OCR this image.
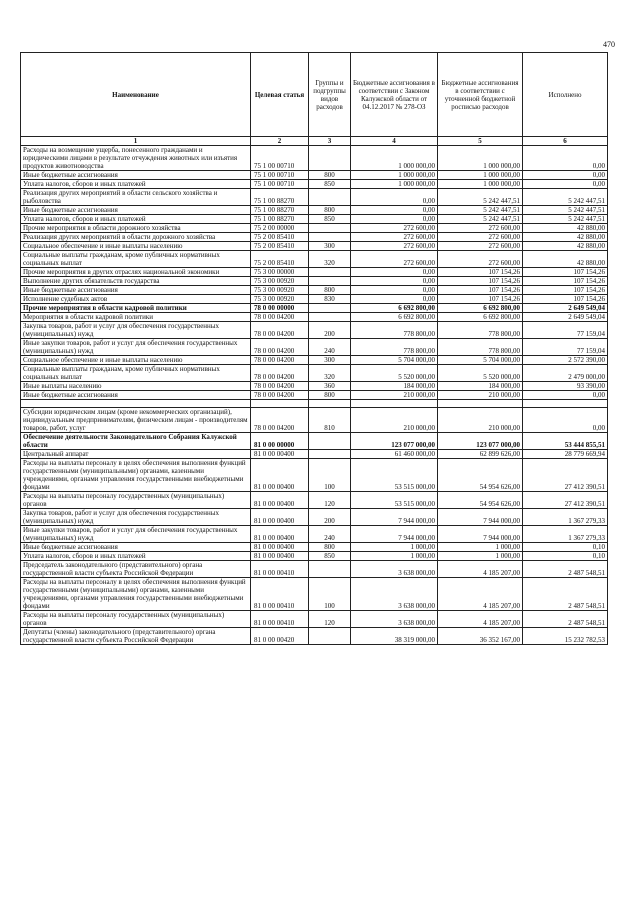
470
Наименование	Целевая статья	Группы и подгруппы видов расходов	Бюджетные ассигнования в соответствии с Законом Калужской области от 04.12.2017 № 278-ОЗ	Бюджетные ассигнования в соответствии с уточненной бюджетной росписью расходов	Исполнено
1	2	3	4	5	6
Расходы на возмещение ущерба, понесенного гражданами и юридическими лицами в результате отчуждения животных или изъятия продуктов животноводства	75 1 00 00710		1 000 000,00	1 000 000,00	0,00
Иные бюджетные ассигнования	75 1 00 00710	800	1 000 000,00	1 000 000,00	0,00
Уплата налогов, сборов и иных платежей	75 1 00 00710	850	1 000 000,00	1 000 000,00	0,00
Реализация других мероприятий в области сельского хозяйства и рыболовства	75 1 00 88270		0,00	5 242 447,51	5 242 447,51
Иные бюджетные ассигнования	75 1 00 88270	800	0,00	5 242 447,51	5 242 447,51
Уплата налогов, сборов и иных платежей	75 1 00 88270	850	0,00	5 242 447,51	5 242 447,51
Прочие мероприятия в области дорожного хозяйства	75 2 00 00000		272 600,00	272 600,00	42 880,00
Реализация других мероприятий в области дорожного хозяйства	75 2 00 85410		272 600,00	272 600,00	42 880,00
Социальное обеспечение и иные выплаты населению	75 2 00 85410	300	272 600,00	272 600,00	42 880,00
Социальные выплаты гражданам, кроме публичных нормативных социальных выплат	75 2 00 85410	320	272 600,00	272 600,00	42 880,00
Прочие мероприятия в других отраслях национальной экономики	75 3 00 00000		0,00	107 154,26	107 154,26
Выполнение других обязательств государства	75 3 00 00920		0,00	107 154,26	107 154,26
Иные бюджетные ассигнования	75 3 00 00920	800	0,00	107 154,26	107 154,26
Исполнение судебных актов	75 3 00 00920	830	0,00	107 154,26	107 154,26
Прочие мероприятия в области кадровой политики	78 0 00 00000		6 692 800,00	6 692 800,00	2 649 549,04
Мероприятия в области кадровой политики	78 0 00 04200		6 692 800,00	6 692 800,00	2 649 549,04
Закупка товаров, работ и услуг для обеспечения государственных (муниципальных) нужд	78 0 00 04200	200	778 800,00	778 800,00	77 159,04
Иные закупки товаров, работ и услуг для обеспечения государственных (муниципальных) нужд	78 0 00 04200	240	778 800,00	778 800,00	77 159,04
Социальное обеспечение и иные выплаты населению	78 0 00 04200	300	5 704 000,00	5 704 000,00	2 572 390,00
Социальные выплаты гражданам, кроме публичных нормативных социальных выплат	78 0 00 04200	320	5 520 000,00	5 520 000,00	2 479 000,00
Иные выплаты населению	78 0 00 04200	360	184 000,00	184 000,00	93 390,00
Иные бюджетные ассигнования	78 0 00 04200	800	210 000,00	210 000,00	0,00

Субсидии юридическим лицам (кроме некоммерческих организаций), индивидуальным предпринимателям, физическим лицам - производителям товаров, работ, услуг	78 0 00 04200	810	210 000,00	210 000,00	0,00
Обеспечение деятельности Законодательного Собрания Калужской области	81 0 00 00000		123 077 000,00	123 077 000,00	53 444 855,51
Центральный аппарат	81 0 00 00400		61 460 000,00	62 899 626,00	28 779 669,94
Расходы на выплаты персоналу в целях обеспечения выполнения функций государственными (муниципальными) органами, казенными учреждениями, органами управления государственными внебюджетными фондами	81 0 00 00400	100	53 515 000,00	54 954 626,00	27 412 390,51
Расходы на выплаты персоналу государственных (муниципальных) органов	81 0 00 00400	120	53 515 000,00	54 954 626,00	27 412 390,51
Закупка товаров, работ и услуг для обеспечения государственных (муниципальных) нужд	81 0 00 00400	200	7 944 000,00	7 944 000,00	1 367 279,33
Иные закупки товаров, работ и услуг для обеспечения государственных (муниципальных) нужд	81 0 00 00400	240	7 944 000,00	7 944 000,00	1 367 279,33
Иные бюджетные ассигнования	81 0 00 00400	800	1 000,00	1 000,00	0,10
Уплата налогов, сборов и иных платежей	81 0 00 00400	850	1 000,00	1 000,00	0,10
Председатель законодательного (представительного) органа государственной власти субъекта Российской Федерации	81 0 00 00410		3 638 000,00	4 185 207,00	2 487 548,51
Расходы на выплаты персоналу в целях обеспечения выполнения функций государственными (муниципальными) органами, казенными учреждениями, органами управления государственными внебюджетными фондами	81 0 00 00410	100	3 638 000,00	4 185 207,00	2 487 548,51
Расходы на выплаты персоналу государственных (муниципальных) органов	81 0 00 00410	120	3 638 000,00	4 185 207,00	2 487 548,51
Депутаты (члены) законодательного (представительного) органа государственной власти субъекта Российской Федерации	81 0 00 00420		38 319 000,00	36 352 167,00	15 232 782,53
